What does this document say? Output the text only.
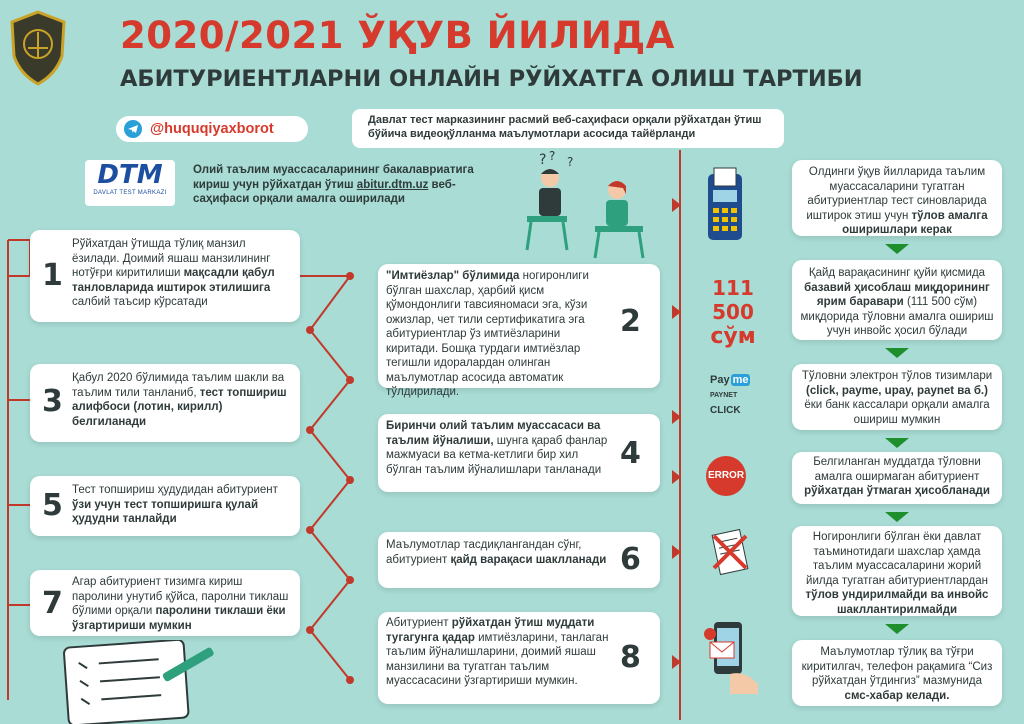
2020/2021 ЎҚУВ ЙИЛИДА
АБИТУРИЕНТЛАРНИ ОНЛАЙН РЎЙХАТГА ОЛИШ ТАРТИБИ
@huquqiyaxborot
Давлат тест марказининг расмий веб-саҳифаси орқали рўйхатдан ўтиш бўйича видеоқўлланма маълумотлари асосида тайёрланди
DTM
DAVLAT TEST MARKAZI
Олий таълим муассасаларининг бакалавриатига кириш учун рўйхатдан ўтиш abitur.dtm.uz веб-саҳифаси орқали амалга оширилади
? ? ?
1
Рўйхатдан ўтишда тўлиқ манзил ёзилади. Доимий яшаш манзилининг нотўғри киритилиши мақсадли қабул танловларида иштирок этилишига салбий таъсир кўрсатади
3
Қабул 2020 бўлимида таълим шакли ва таълим тили танланиб, тест топшириш алифбоси (лотин, кирилл) белгиланади
5 Тест топшириш ҳудудидан абитуриент ўзи учун тест топширишга қулай ҳудудни танлайди
7
Агар абитуриент тизимга кириш паролини унутиб қўйса, паролни тиклаш бўлими орқали паролини тиклаши ёки ўзгартириши мумкин
"Имтиёзлар" бўлимида ногиронлиги бўлган шахслар, ҳарбий қисм қўмондонлиги тавсияномаси эга, кўзи ожизлар, чет тили сертификатига эга абитуриентлар ўз имтиёзларини киритади. Бошқа турдаги имтиёзлар тегишли идоралардан олинган маълумотлар асосида автоматик тўлдирилади.
2
Биринчи олий таълим муассасаси ва таълим йўналиши, шунга қараб фанлар мажмуаси ва кетма-кетлиги бир хил бўлган таълим йўналишлари танланади 4
Маълумотлар тасдиқлангандан сўнг, абитуриент қайд варақаси шаклланади 6
Абитуриент рўйхатдан ўтиш муддати тугагунга қадар имтиёзларини, танлаган таълим йўналишларини, доимий яшаш манзилини ва тугатган таълим муассасасини ўзгартириши мумкин.
8
111 500
сўм
Pay me
PAYNET
CLICK
ERROR
Олдинги ўқув йилларида таълим муассасаларини тугатган абитуриентлар тест синовларида иштирок этиш учун тўлов амалга оширишлари керак
Қайд варақасининг қуйи қисмида базавий ҳисоблаш миқдорининг ярим баравари (111 500 сўм) миқдорида тўловни амалга ошириш учун инвойс ҳосил бўлади
Тўловни электрон тўлов тизимлари (click, payme, upay, paynet ва б.) ёки банк кассалари орқали амалга ошириш мумкин
Белгиланган муддатда тўловни амалга оширмаган абитуриент рўйхатдан ўтмаган ҳисобланади
Ногиронлиги бўлган ёки давлат таъминотидаги шахслар ҳамда таълим муассасаларини жорий йилда тугатган абитуриентлардан тўлов ундирилмайди ва инвойс шакллантирилмайди
Маълумотлар тўлиқ ва тўғри киритилгач, телефон рақамига “Сиз рўйхатдан ўтдингиз” мазмунида смс-хабар келади.
